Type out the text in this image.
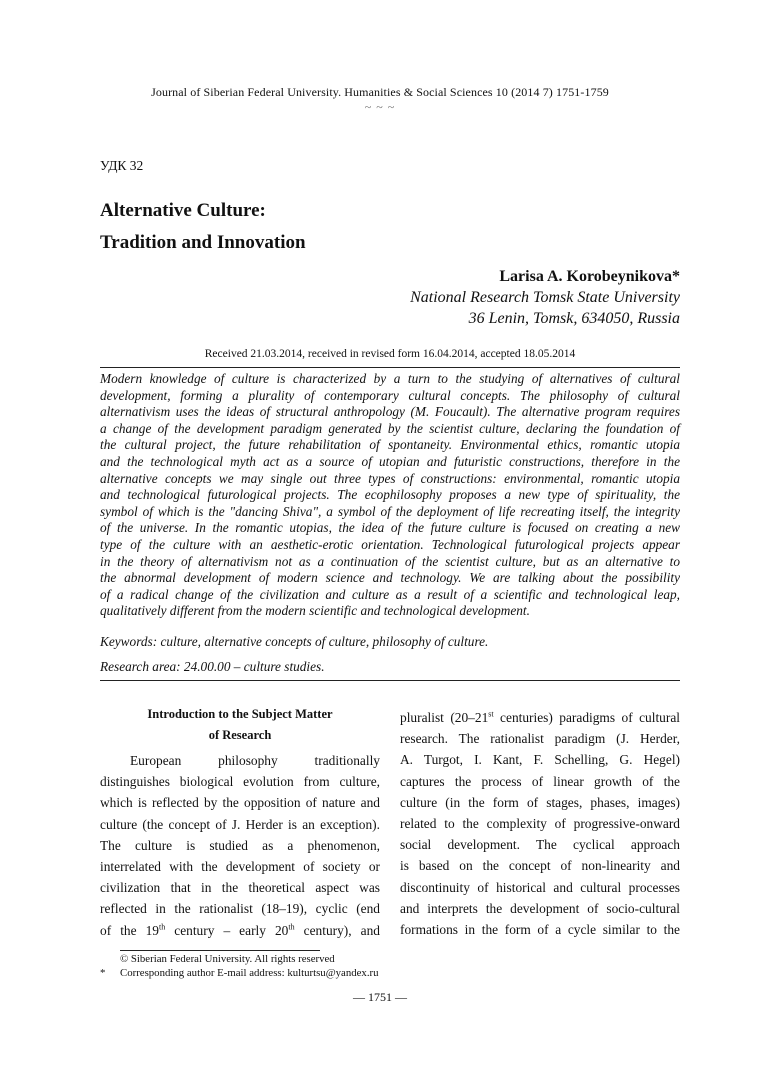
Journal of Siberian Federal University. Humanities & Social Sciences 10 (2014 7) 1751-1759
~ ~ ~
УДК 32
Alternative Culture:
Tradition and Innovation
Larisa A. Korobeynikova*
National Research Tomsk State University
36 Lenin, Tomsk, 634050, Russia
Received 21.03.2014, received in revised form 16.04.2014, accepted 18.05.2014
Modern knowledge of culture is characterized by a turn to the studying of alternatives of cultural
development, forming a plurality of contemporary cultural concepts. The philosophy of cultural
alternativism uses the ideas of structural anthropology (M. Foucault). The alternative program requires
a change of the development paradigm generated by the scientist culture, declaring the foundation of
the cultural project, the future rehabilitation of spontaneity. Environmental ethics, romantic utopia
and the technological myth act as a source of utopian and futuristic constructions, therefore in the
alternative concepts we may single out three types of constructions: environmental, romantic utopia
and technological futurological projects. The ecophilosophy proposes a new type of spirituality, the
symbol of which is the "dancing Shiva", a symbol of the deployment of life recreating itself, the integrity
of the universe. In the romantic utopias, the idea of the future culture is focused on creating a new
type of the culture with an aesthetic-erotic orientation. Technological futurological projects appear
in the theory of alternativism not as a continuation of the scientist culture, but as an alternative to
the abnormal development of modern science and technology. We are talking about the possibility
of a radical change of the civilization and culture as a result of a scientific and technological leap,
qualitatively different from the modern scientific and technological development.
Keywords: culture, alternative concepts of culture, philosophy of culture.
Research area: 24.00.00 – culture studies.
Introduction to the Subject Matter
of Research
European philosophy traditionally
distinguishes biological evolution from culture,
which is reflected by the opposition of nature and
culture (the concept of J. Herder is an exception).
The culture is studied as a phenomenon,
interrelated with the development of society or
civilization that in the theoretical aspect was
reflected in the rationalist (18–19), cyclic (end
of the 19th century – early 20th century), and
pluralist (20–21st centuries) paradigms of cultural
research. The rationalist paradigm (J. Herder,
A. Turgot, I. Kant, F. Schelling, G. Hegel)
captures the process of linear growth of the
culture (in the form of stages, phases, images)
related to the complexity of progressive-onward
social development. The cyclical approach
is based on the concept of non-linearity and
discontinuity of historical and cultural processes
and interprets the development of socio-cultural
formations in the form of a cycle similar to the
© Siberian Federal University. All rights reserved
* Corresponding author E-mail address: kulturtsu@yandex.ru
— 1751 —
